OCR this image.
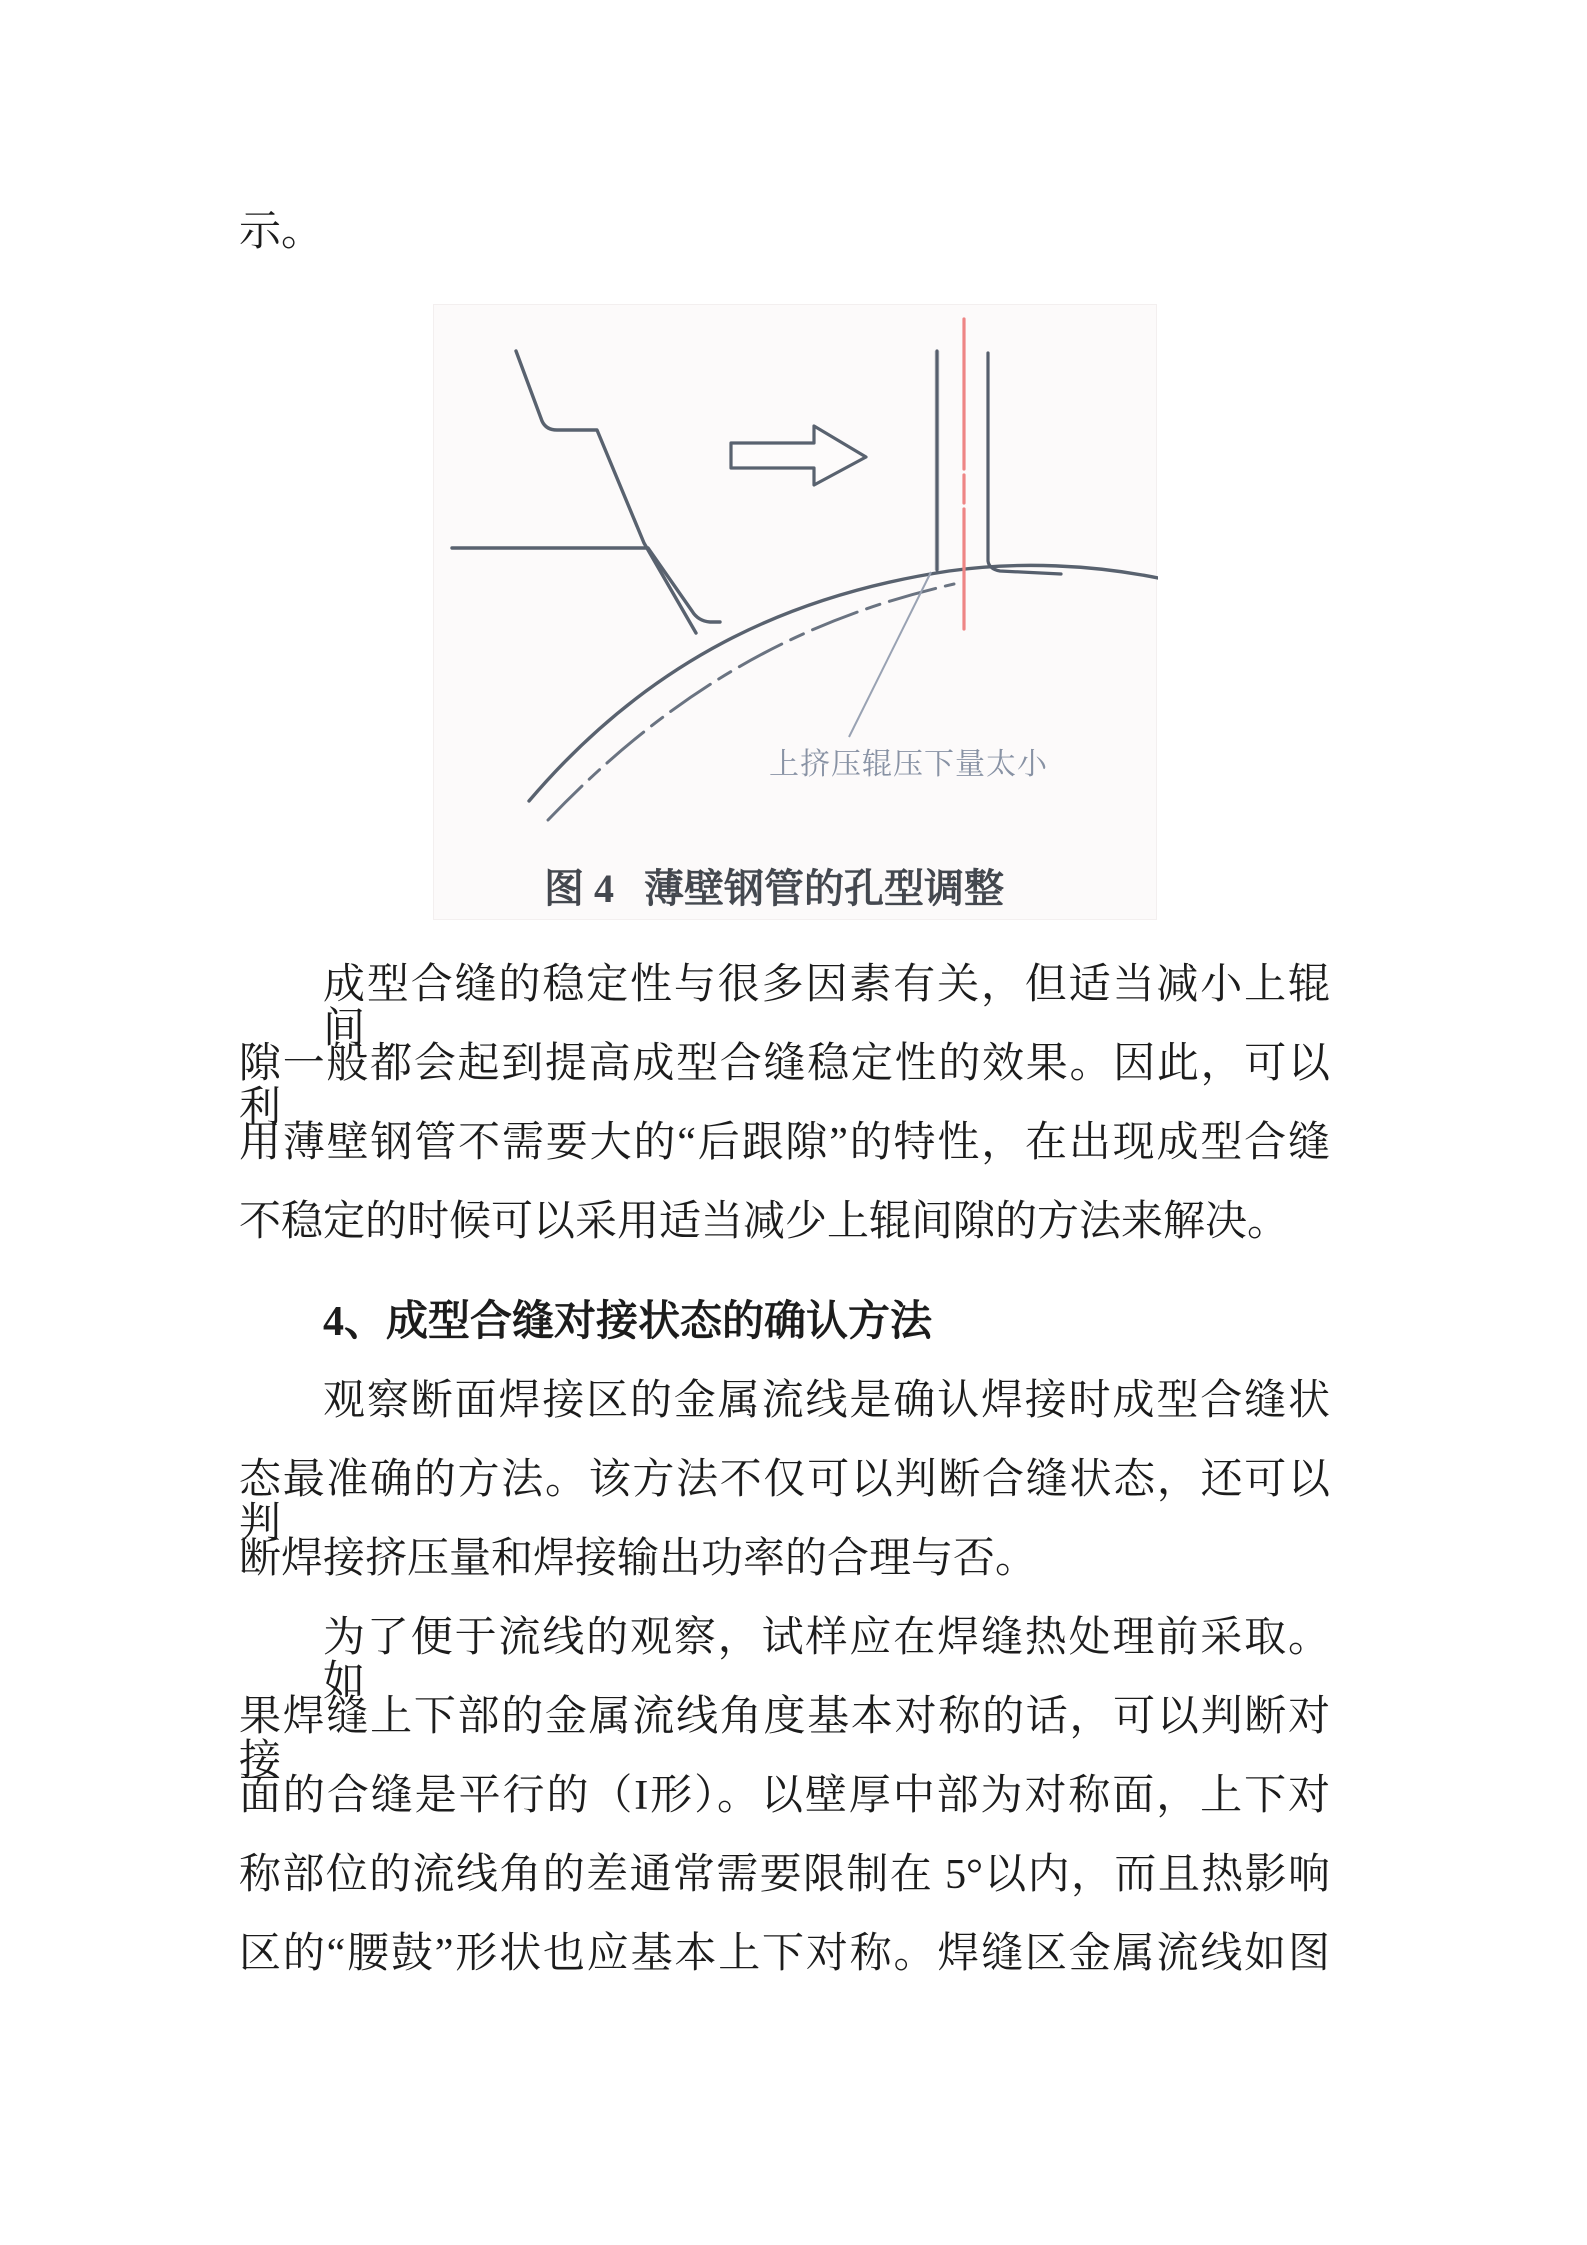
示。
上挤压辊压下量太小
图 4 薄壁钢管的孔型调整
成型合缝的稳定性与很多因素有关，但适当减小上辊间
隙一般都会起到提高成型合缝稳定性的效果。因此，可以利
用薄壁钢管不需要大的“后跟隙”的特性，在出现成型合缝
不稳定的时候可以采用适当减少上辊间隙的方法来解决。
4、成型合缝对接状态的确认方法
观察断面焊接区的金属流线是确认焊接时成型合缝状
态最准确的方法。该方法不仅可以判断合缝状态，还可以判
断焊接挤压量和焊接输出功率的合理与否。
为了便于流线的观察，试样应在焊缝热处理前采取。如
果焊缝上下部的金属流线角度基本对称的话，可以判断对接
面的合缝是平行的（I形）。以壁厚中部为对称面，上下对
称部位的流线角的差通常需要限制在 5°以内，而且热影响
区的“腰鼓”形状也应基本上下对称。焊缝区金属流线如图
